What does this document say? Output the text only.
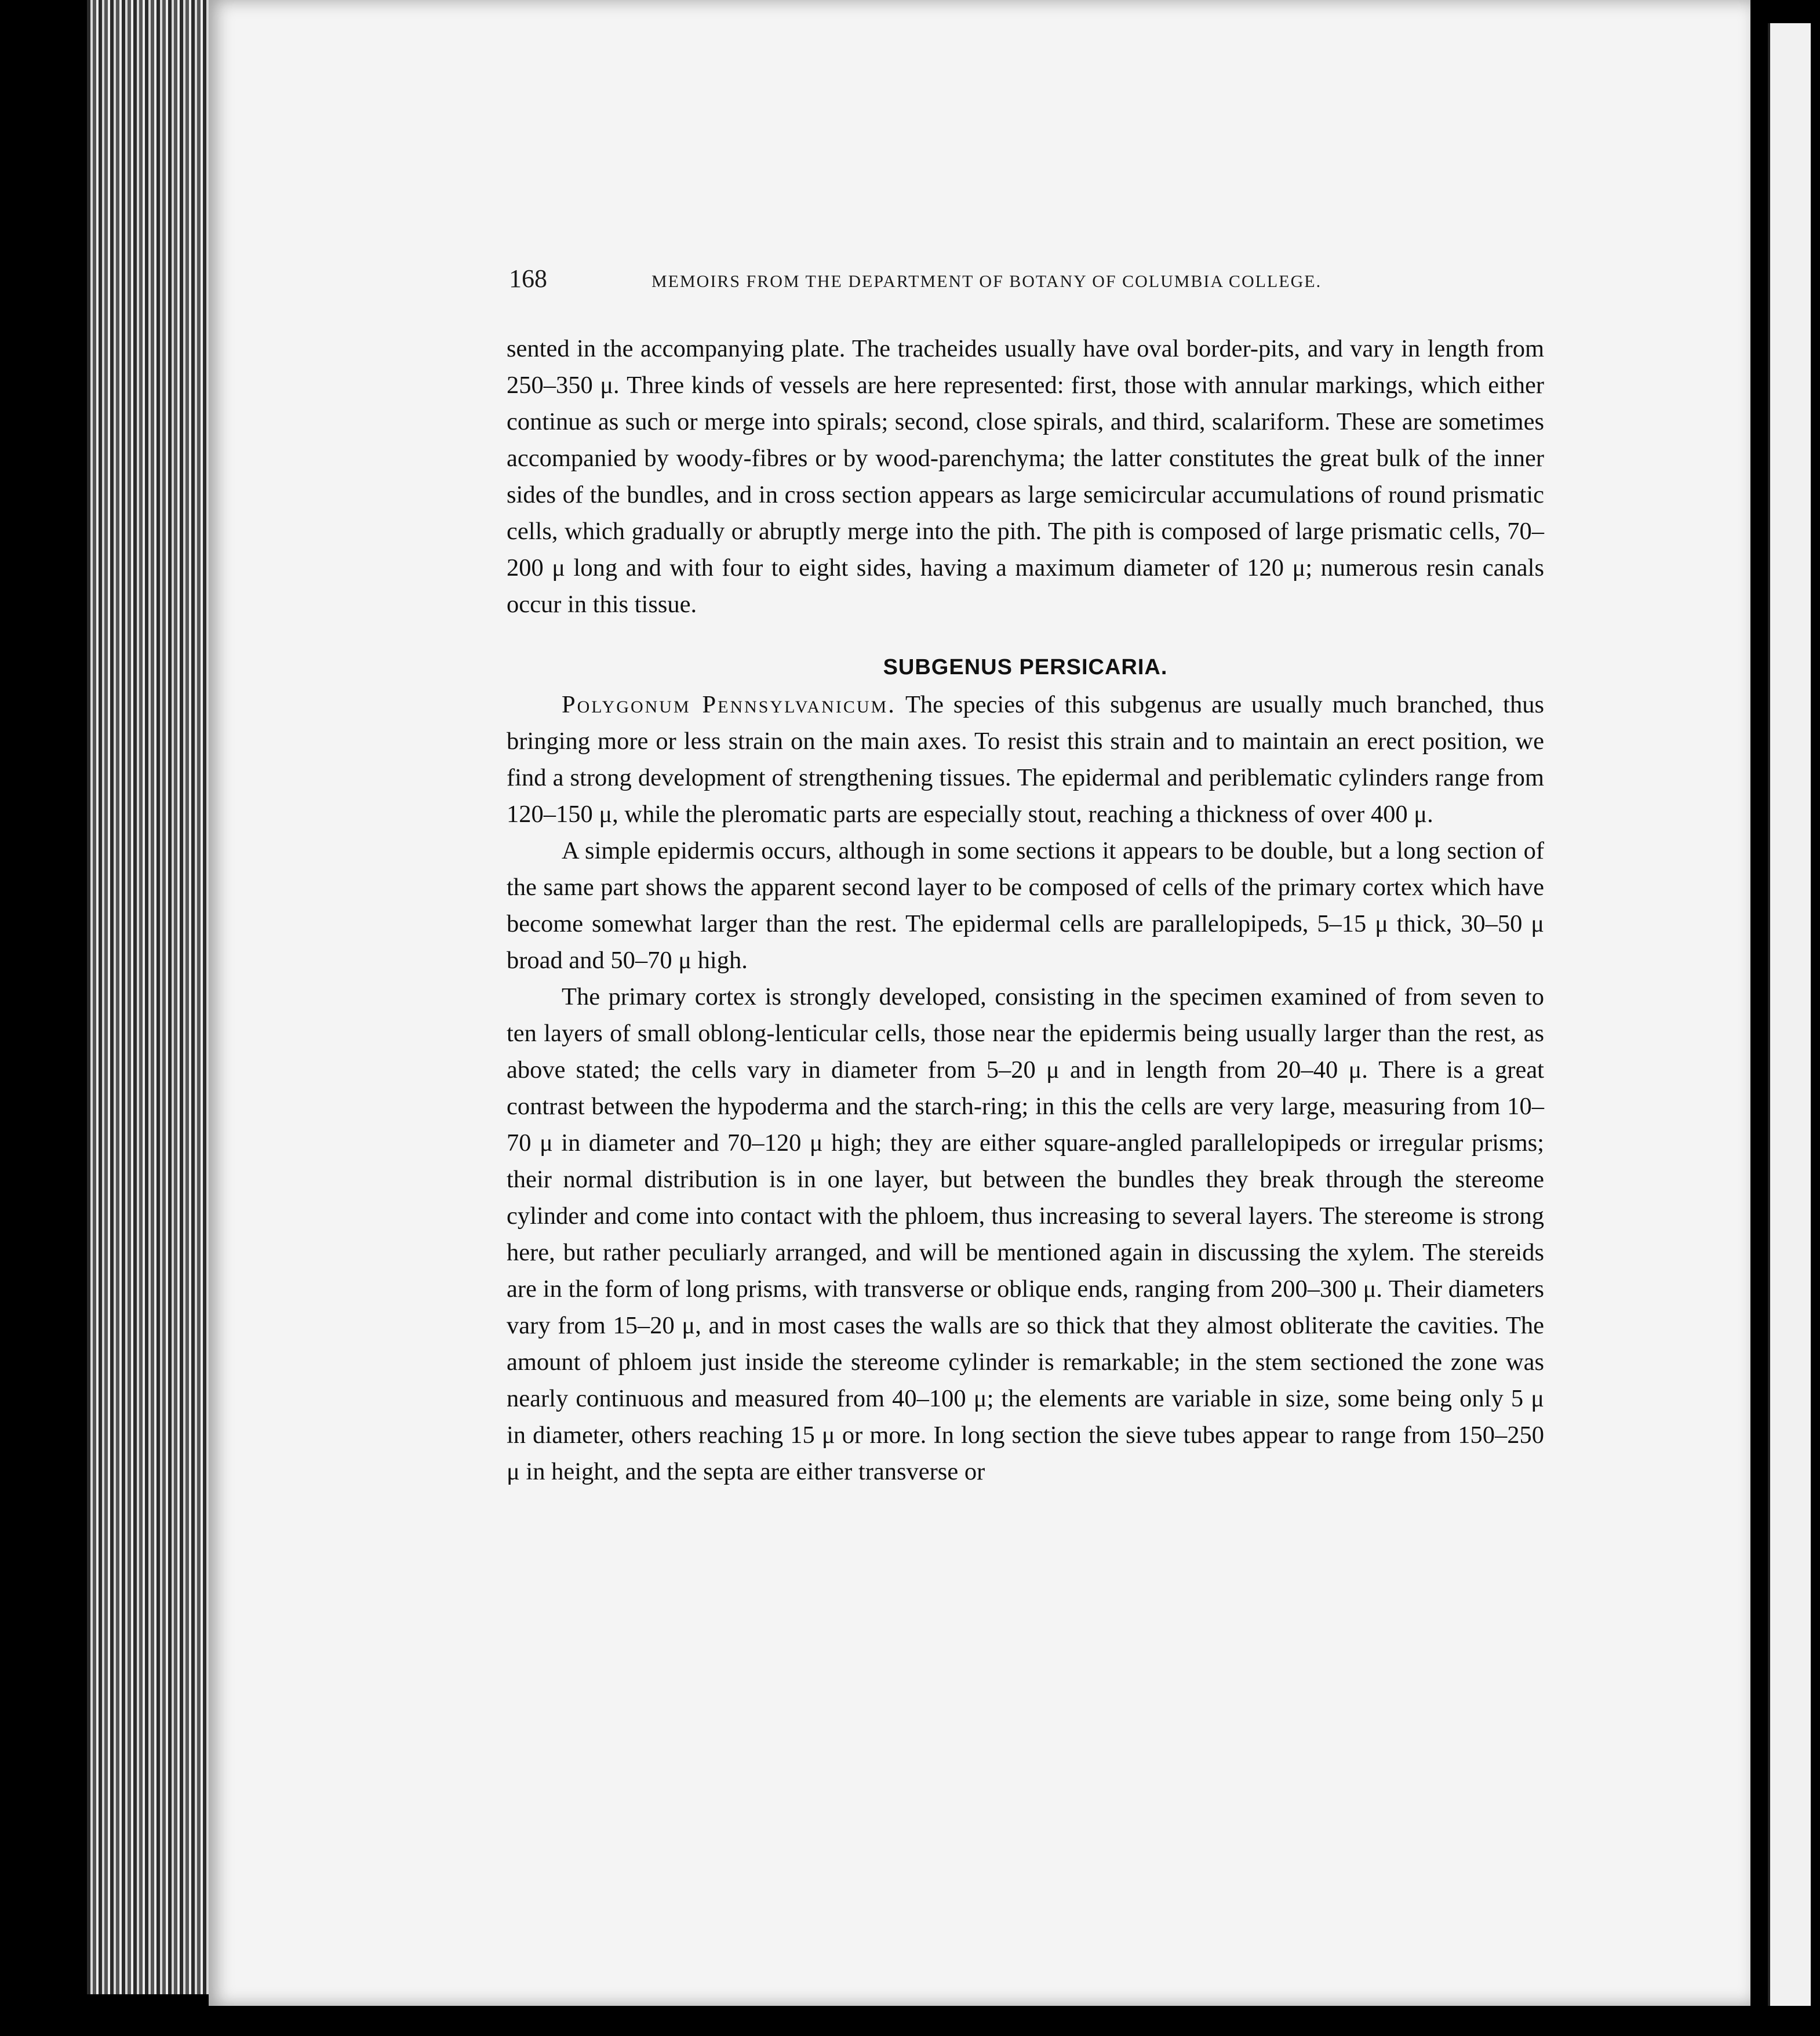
168	MEMOIRS FROM THE DEPARTMENT OF BOTANY OF COLUMBIA COLLEGE.

sented in the accompanying plate. The tracheides usually have oval border-pits, and vary in length from 250–350 μ. Three kinds of vessels are here represented: first, those with annular markings, which either continue as such or merge into spirals; second, close spirals, and third, scalariform. These are sometimes accompanied by woody-fibres or by wood-parenchyma; the latter constitutes the great bulk of the inner sides of the bundles, and in cross section appears as large semicircular accumulations of round prismatic cells, which gradually or abruptly merge into the pith. The pith is composed of large prismatic cells, 70–200 μ long and with four to eight sides, having a maximum diameter of 120 μ; numerous resin canals occur in this tissue.

SUBGENUS PERSICARIA.

Polygonum Pennsylvanicum. The species of this subgenus are usually much branched, thus bringing more or less strain on the main axes. To resist this strain and to maintain an erect position, we find a strong development of strengthening tissues. The epidermal and periblematic cylinders range from 120–150 μ, while the pleromatic parts are especially stout, reaching a thickness of over 400 μ.

A simple epidermis occurs, although in some sections it appears to be double, but a long section of the same part shows the apparent second layer to be composed of cells of the primary cortex which have become somewhat larger than the rest. The epidermal cells are parallelopipeds, 5–15 μ thick, 30–50 μ broad and 50–70 μ high.

The primary cortex is strongly developed, consisting in the specimen examined of from seven to ten layers of small oblong-lenticular cells, those near the epidermis being usually larger than the rest, as above stated; the cells vary in diameter from 5–20 μ and in length from 20–40 μ. There is a great contrast between the hypoderma and the starch-ring; in this the cells are very large, measuring from 10–70 μ in diameter and 70–120 μ high; they are either square-angled parallelopipeds or irregular prisms; their normal distribution is in one layer, but between the bundles they break through the stereome cylinder and come into contact with the phloem, thus increasing to several layers. The stereome is strong here, but rather peculiarly arranged, and will be mentioned again in discussing the xylem. The stereids are in the form of long prisms, with transverse or oblique ends, ranging from 200–300 μ. Their diameters vary from 15–20 μ, and in most cases the walls are so thick that they almost obliterate the cavities. The amount of phloem just inside the stereome cylinder is remarkable; in the stem sectioned the zone was nearly continuous and measured from 40–100 μ; the elements are variable in size, some being only 5 μ in diameter, others reaching 15 μ or more. In long section the sieve tubes appear to range from 150–250 μ in height, and the septa are either transverse or
